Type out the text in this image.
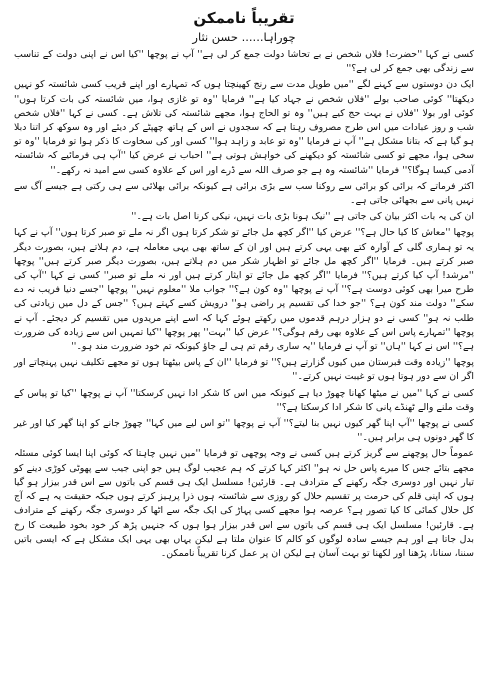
تقریباً ناممکن
چوراہا...... حسن نثار

کسی نے کہا ''حضرت! فلاں شخص نے بے تحاشا دولت جمع کر لی ہے'' آپ نے پوچھا ''کیا اس نے اپنی دولت کے تناسب سے زندگی بھی جمع کر لی ہے؟''

ایک دن دوستوں سے کہنے لگے ''میں طویل مدت سے رنج کھینچتا ہوں کہ تمہارے اور اپنے قریب کسی شائستہ کو نہیں دیکھتا'' کوئی صاحب بولے ''فلاں شخص نے جہاد کیا ہے'' فرمایا ''وہ تو غازی ہوا، میں شائستہ کی بات کرتا ہوں'' کوئی اور بولا ''فلاں نے بہت حج کیے ہیں'' وہ تو الحاج ہوا، مجھے شائستہ کی تلاش ہے۔ کسی نے کہا ''فلاں شخص شب و روز عبادات میں اس طرح مصروف رہتا ہے کہ سجدوں نے اس کے ہاتھ چھپٹے کر دیئے اور وہ سوکھ کر اتنا دبلا ہو گیا ہے کہ بتانا مشکل ہے'' آپ نے فرمایا ''وہ تو عابد و زاہد ہوا'' کسی اور کی سخاوت کا ذکر ہوا تو فرمایا ''وہ تو سخی ہوا، مجھے تو کسی شائستہ کو دیکھنے کی خواہش ہوتی ہے'' احباب نے عرض کیا ''آپ ہی فرمائیے کہ شائستہ آدمی کیسا ہوگا؟'' فرمایا ''شائستہ وہ ہے جو صرف اللہ سے ڈرے اور اس کے علاوہ کسی سے امید نہ رکھے۔''

اکثر فرماتے کہ برائی کو برائی سے روکنا سب سے بڑی برائی ہے کیونکہ برائی بھلائی سے ہی رکتی ہے جیسے آگ سے نہیں پانی سے بجھائی جاتی ہے۔

ان کی یہ بات اکثر بیان کی جاتی ہے ''نیک ہونا بڑی بات نہیں، نیکی کرنا اصل بات ہے۔''

پوچھا ''معاش کا کیا حال ہے؟'' عرض کیا ''اگر کچھ مل جائے تو شکر کرتا ہوں اگر نہ ملے تو صبر کرتا ہوں'' آپ نے کہا یہ تو ہماری گلی کے آوارہ کتے بھی یہی کرتے ہیں اور ان کے ساتھ بھی یہی معاملہ ہے، دم ہلاتے ہیں، بصورت دیگر صبر کرتے ہیں۔ فرمایا ''اگر کچھ مل جائے تو اظہار شکر میں دم ہلاتے ہیں، بصورت دیگر صبر کرتے ہیں'' پوچھا ''مرشد! آپ کیا کرتے ہیں؟'' فرمایا ''اگر کچھ مل جائے تو ایثار کرتے ہیں اور نہ ملے تو صبر'' کسی نے کہا ''آپ کی طرح میرا بھی کوئی دوست ہے؟'' آپ نے پوچھا ''وہ کون ہے؟'' جواب ملا ''معلوم نہیں'' پوچھا ''جسے دنیا فریب نہ دے سکے'' دولت مند کون ہے؟ ''جو خدا کی تقسیم پر راضی ہو'' درویش کسے کہتے ہیں؟ ''جس کے دل میں زیادتی کی طلب نہ ہو'' کسی نے دو ہزار درہم قدموں میں رکھتے ہوئے کہا کہ اسے اپنے مریدوں میں تقسیم کر دیجئے۔ آپ نے پوچھا ''تمہارے پاس اس کے علاوہ بھی رقم ہوگی؟'' عرض کیا ''بہت'' پھر پوچھا ''کیا تمہیں اس سے زیادہ کی ضرورت ہے؟'' اس نے کہا ''ہاں'' تو آپ نے فرمایا ''یہ ساری رقم تم ہی لے جاؤ کیونکہ تم خود ضرورت مند ہو۔''

پوچھا ''زیادہ وقت قبرستان میں کیوں گزارتے ہیں؟'' تو فرمایا ''ان کے پاس بیٹھتا ہوں تو مجھے تکلیف نہیں پہنچاتے اور اگر ان سے دور ہوتا ہوں تو غیبت نہیں کرتے۔''

کسی نے کہا ''میں نے میٹھا کھانا چھوڑ دیا ہے کیونکہ میں اس کا شکر ادا نہیں کرسکتا'' آپ نے پوچھا ''کیا تو پیاس کے وقت ملنے والے ٹھنڈے پانی کا شکر ادا کرسکتا ہے؟''

کسی نے پوچھا ''آپ اپنا گھر کیوں نہیں بنا لیتے؟'' آپ نے پوچھا ''تو اس لیے میں کہا'' چھوڑ جانے کو اپنا گھر کیا اور غیر کا گھر دونوں ہی برابر ہیں۔''

عموماً حال پوچھنے سے گریز کرتے ہیں کسی نے وجہ پوچھی تو فرمایا ''میں نہیں چاہتا کہ کوئی اپنا ایسا کوئی مسئلہ مجھے بتائے جس کا میرے پاس حل نہ ہو'' اکثر کہا کرتے کہ ہم عجیب لوگ ہیں جو اپنی جیب سے پھوٹی کوڑی دینے کو تیار نہیں اور دوسری جگہ رکھنے کے مترادف ہے۔ قارئین! مسلسل ایک ہی قسم کی باتوں سے اس قدر بیزار ہو گیا ہوں کہ اپنی قلم کی حرمت پر تقسیم حلال کو روزی سے شائستہ ہوں ذرا پرہیز کرتے ہوں جبکہ حقیقت یہ ہے کہ آج کل حلال کمائی کا کیا تصور ہے؟ عرصہ ہوا مجھے کسی پہاڑ کی ایک جگہ سے اٹھا کر دوسری جگہ رکھنے کے مترادف ہے۔ قارئین! مسلسل ایک ہی قسم کی باتوں سے اس قدر بیزار ہوا ہوں کہ جنہیں پڑھ کر خود بخود طبیعت کا رخ بدل جاتا ہے اور ہم جیسے سادہ لوگوں کو کالم کا عنوان ملتا ہے لیکن یہاں بھی یہی ایک مشکل ہے کہ ایسی باتیں سننا، سنانا، پڑھنا اور لکھنا تو بہت آسان ہے لیکن ان پر عمل کرنا تقریباً ناممکن۔
